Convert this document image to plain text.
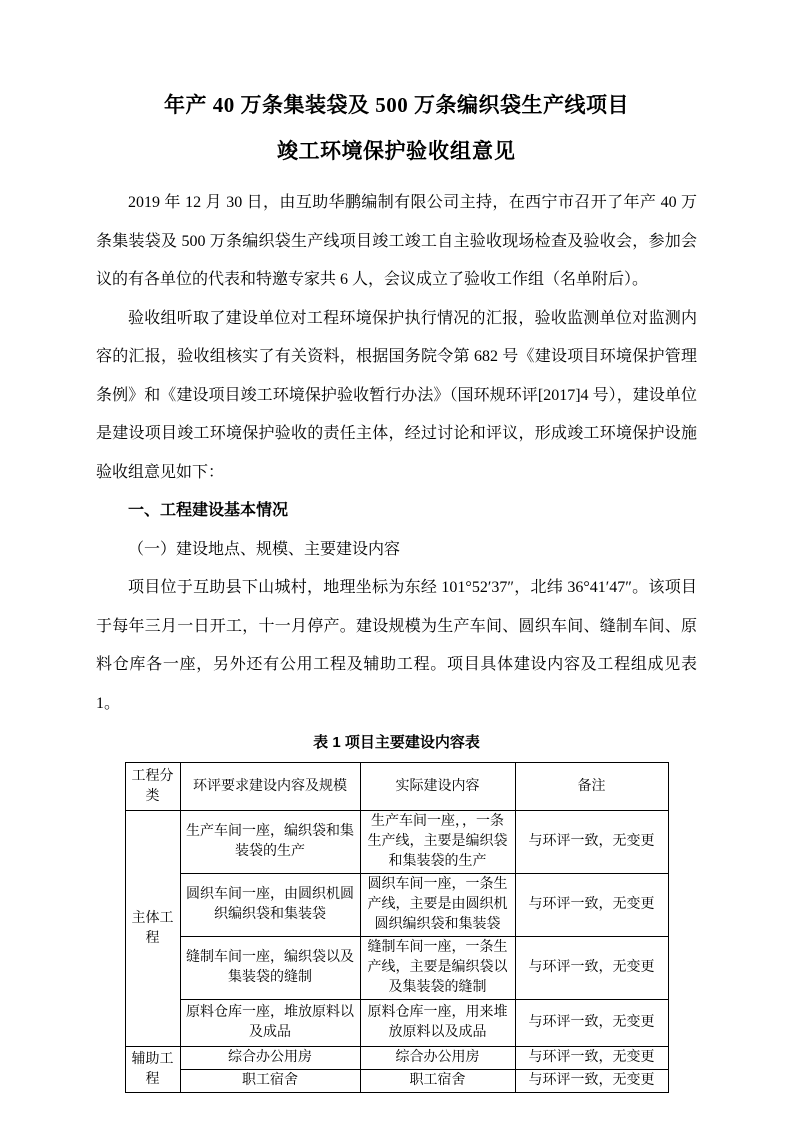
年产 40 万条集装袋及 500 万条编织袋生产线项目
竣工环境保护验收组意见

2019 年 12 月 30 日，由互助华鹏编制有限公司主持，在西宁市召开了年产 40 万条集装袋及 500 万条编织袋生产线项目竣工竣工自主验收现场检查及验收会，参加会议的有各单位的代表和特邀专家共 6 人，会议成立了验收工作组（名单附后）。

验收组听取了建设单位对工程环境保护执行情况的汇报，验收监测单位对监测内容的汇报，验收组核实了有关资料，根据国务院令第 682 号《建设项目环境保护管理条例》和《建设项目竣工环境保护验收暂行办法》（国环规环评[2017]4 号），建设单位是建设项目竣工环境保护验收的责任主体，经过讨论和评议，形成竣工环境保护设施验收组意见如下：

一、工程建设基本情况
（一）建设地点、规模、主要建设内容

项目位于互助县下山城村，地理坐标为东经 101°52′37″，北纬 36°41′47″。该项目于每年三月一日开工，十一月停产。建设规模为生产车间、圆织车间、缝制车间、原料仓库各一座，另外还有公用工程及辅助工程。项目具体建设内容及工程组成见表 1。

表 1 项目主要建设内容表
工程分类	环评要求建设内容及规模	实际建设内容	备注
主体工程	生产车间一座，编织袋和集装袋的生产	生产车间一座，，一条生产线，主要是编织袋和集装袋的生产	与环评一致，无变更
	圆织车间一座，由圆织机圆织编织袋和集装袋	圆织车间一座，一条生产线，主要是由圆织机圆织编织袋和集装袋	与环评一致，无变更
	缝制车间一座，编织袋以及集装袋的缝制	缝制车间一座，一条生产线，主要是编织袋以及集装袋的缝制	与环评一致，无变更
	原料仓库一座，堆放原料以及成品	原料仓库一座，用来堆放原料以及成品	与环评一致，无变更
辅助工程	综合办公用房	综合办公用房	与环评一致，无变更
	职工宿舍	职工宿舍	与环评一致，无变更
